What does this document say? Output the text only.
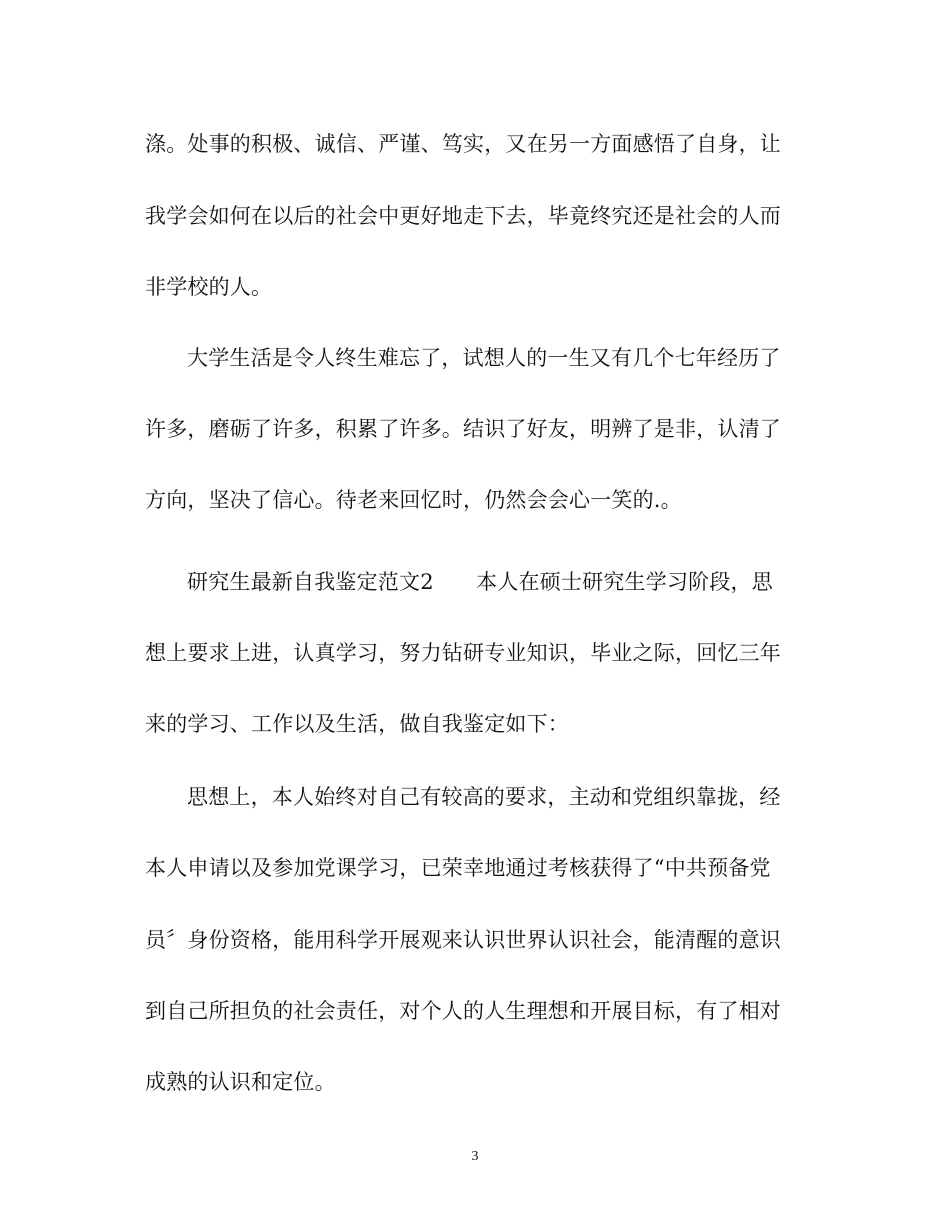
涤。处事的积极、诚信、严谨、笃实，又在另一方面感悟了自身，让
我学会如何在以后的社会中更好地走下去，毕竟终究还是社会的人而
非学校的人。
大学生活是令人终生难忘了，试想人的一生又有几个七年经历了
许多，磨砺了许多，积累了许多。结识了好友，明辨了是非，认清了
方向，坚决了信心。待老来回忆时，仍然会会心一笑的.。
研究生最新自我鉴定范文2　　本人在硕士研究生学习阶段，思
想上要求上进，认真学习，努力钻研专业知识，毕业之际，回忆三年
来的学习、工作以及生活，做自我鉴定如下：
思想上，本人始终对自己有较高的要求，主动和党组织靠拢，经
本人申请以及参加党课学习，已荣幸地通过考核获得了“中共预备党
员〞身份资格，能用科学开展观来认识世界认识社会，能清醒的意识
到自己所担负的社会责任，对个人的人生理想和开展目标，有了相对
成熟的认识和定位。
3
